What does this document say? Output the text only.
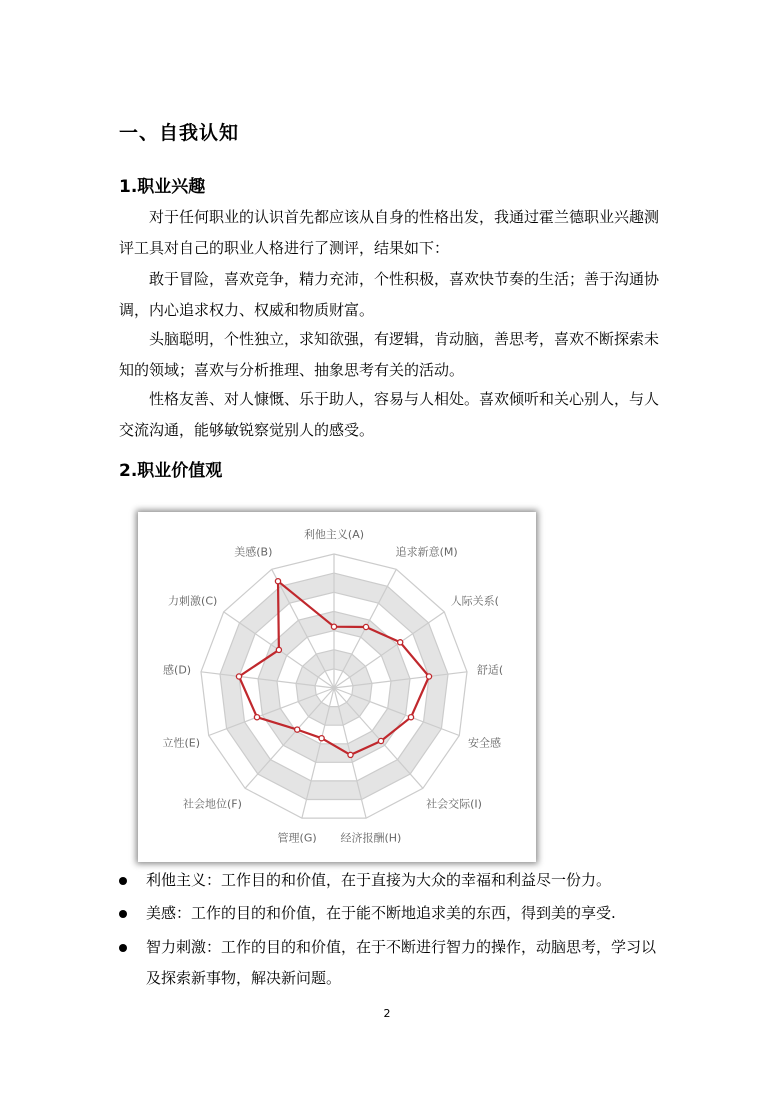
一、自我认知
1.职业兴趣

对于任何职业的认识首先都应该从自身的性格出发，我通过霍兰德职业兴趣测评工具对自己的职业人格进行了测评，结果如下：

敢于冒险，喜欢竞争，精力充沛，个性积极，喜欢快节奏的生活；善于沟通协调，内心追求权力、权威和物质财富。

头脑聪明，个性独立，求知欲强，有逻辑，肯动脑，善思考，喜欢不断探索未知的领域；喜欢与分析推理、抽象思考有关的活动。

性格友善、对人慷慨、乐于助人，容易与人相处。喜欢倾听和关心别人，与人交流沟通，能够敏锐察觉别人的感受。

2.职业价值观
利他主义(A)
追求新意(M)
人际关系(
舒适(
安全感
社会交际(I)
经济报酬(H)
管理(G)
社会地位(F)
立性(E)
感(D)
力刺激(C)
美感(B)
利他主义：工作目的和价值，在于直接为大众的幸福和利益尽一份力。
美感：工作的目的和价值，在于能不断地追求美的东西，得到美的享受.
智力刺激：工作的目的和价值，在于不断进行智力的操作，动脑思考，学习以及探索新事物，解决新问题。
2
